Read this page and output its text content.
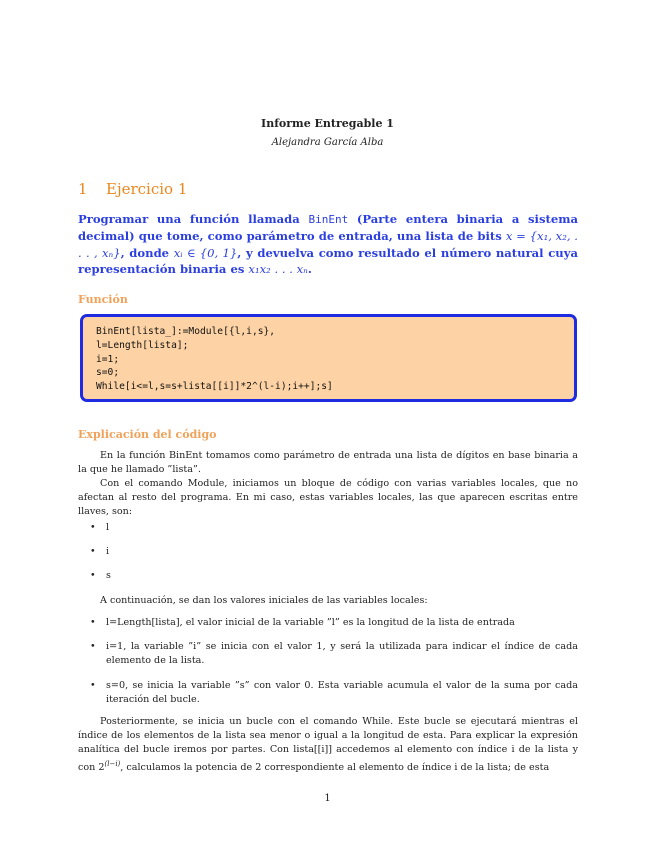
Informe Entregable 1
Alejandra García Alba
1 Ejercicio 1
Programar una función llamada BinEnt (Parte entera binaria a sistema decimal) que tome, como parámetro de entrada, una lista de bits x = {x₁, x₂, . . . , xₙ}, donde xᵢ ∈ {0, 1}, y devuelva como resultado el número natural cuya representación binaria es x₁x₂ . . . xₙ.
Función
BinEnt[lista_]:=Module[{l,i,s},
l=Length[lista];
i=1;
s=0;
While[i<=l,s=s+lista[[i]]*2^(l-i);i++];s]
Explicación del código
En la función BinEnt tomamos como parámetro de entrada una lista de dígitos en base binaria a la que he llamado ”lista”.
Con el comando Module, iniciamos un bloque de código con varias variables locales, que no afectan al resto del programa. En mi caso, estas variables locales, las que aparecen escritas entre llaves, son:
• l
• i
• s
A continuación, se dan los valores iniciales de las variables locales:
• l=Length[lista], el valor inicial de la variable ”l” es la longitud de la lista de entrada
• i=1, la variable ”i” se inicia con el valor 1, y será la utilizada para indicar el índice de cada elemento de la lista.
• s=0, se inicia la variable ”s” con valor 0. Esta variable acumula el valor de la suma por cada iteración del bucle.
Posteriormente, se inicia un bucle con el comando While. Este bucle se ejecutará mientras el índice de los elementos de la lista sea menor o igual a la longitud de esta. Para explicar la expresión analítica del bucle iremos por partes. Con lista[[i]] accedemos al elemento con índice i de la lista y con $2^{(l-i)}$, calculamos la potencia de 2 correspondiente al elemento de índice i de la lista; de esta
1
